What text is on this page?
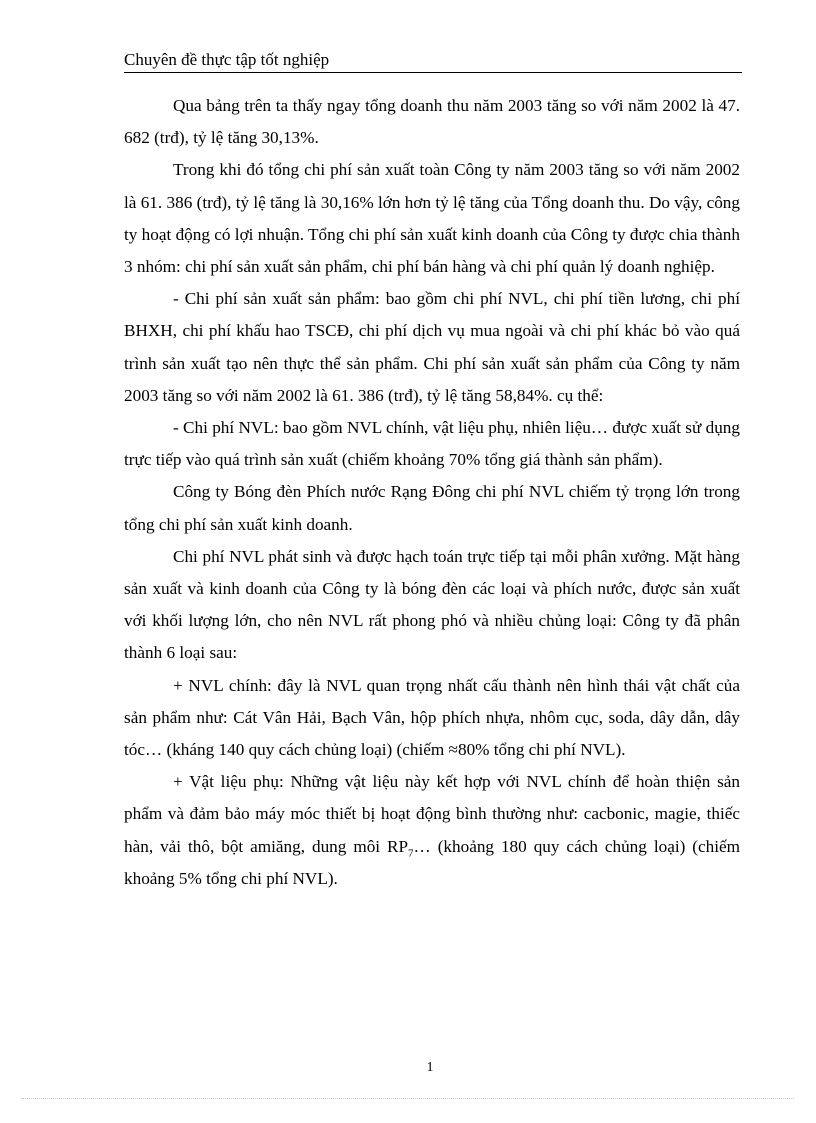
Chuyên đề thực tập tốt nghiệp

Qua bảng trên ta thấy ngay tổng doanh thu năm 2003 tăng so với năm 2002 là 47. 682 (trđ), tỷ lệ tăng 30,13%.

Trong khi đó tổng chi phí sản xuất toàn Công ty năm 2003 tăng so với năm 2002 là 61. 386 (trđ), tỷ lệ tăng là 30,16% lớn hơn tỷ lệ tăng của Tổng doanh thu. Do vậy, công ty hoạt động có lợi nhuận. Tổng chi phí sản xuất kinh doanh của Công ty được chia thành 3 nhóm: chi phí sản xuất sản phẩm, chi phí bán hàng và chi phí quản lý doanh nghiệp.

- Chi phí sản xuất sản phẩm: bao gồm chi phí NVL, chi phí tiền lương, chi phí BHXH, chi phí khấu hao TSCĐ, chi phí dịch vụ mua ngoài và chi phí khác bỏ vào quá trình sản xuất tạo nên thực thể sản phẩm. Chi phí sản xuất sản phẩm của Công ty năm 2003 tăng so với năm 2002 là 61. 386 (trđ), tỷ lệ tăng 58,84%. cụ thể:

- Chi phí NVL: bao gồm NVL chính, vật liệu phụ, nhiên liệu… được xuất sử dụng trực tiếp vào quá trình sản xuất (chiếm khoảng 70% tổng giá thành sản phẩm).

Công ty Bóng đèn Phích nước Rạng Đông chi phí NVL chiếm tỷ trọng lớn trong tổng chi phí sản xuất kinh doanh.

Chi phí NVL phát sinh và được hạch toán trực tiếp tại mỗi phân xưởng. Mặt hàng sản xuất và kinh doanh của Công ty là bóng đèn các loại và phích nước, được sản xuất với khối lượng lớn, cho nên NVL rất phong phó và nhiều chủng loại: Công ty đã phân thành 6 loại sau:

+ NVL chính: đây là NVL quan trọng nhất cấu thành nên hình thái vật chất của sản phẩm như: Cát Vân Hải, Bạch Vân, hộp phích nhựa, nhôm cục, soda, dây dẫn, dây tóc… (kháng 140 quy cách chủng loại) (chiếm ≈80% tổng chi phí NVL).

+ Vật liệu phụ: Những vật liệu này kết hợp với NVL chính để hoàn thiện sản phẩm và đảm bảo máy móc thiết bị hoạt động bình thường như: cacbonic, magie, thiếc hàn, vải thô, bột amiăng, dung môi $RP_7\dots$ (khoảng 180 quy cách chủng loại) (chiếm khoảng 5% tổng chi phí NVL).

1
